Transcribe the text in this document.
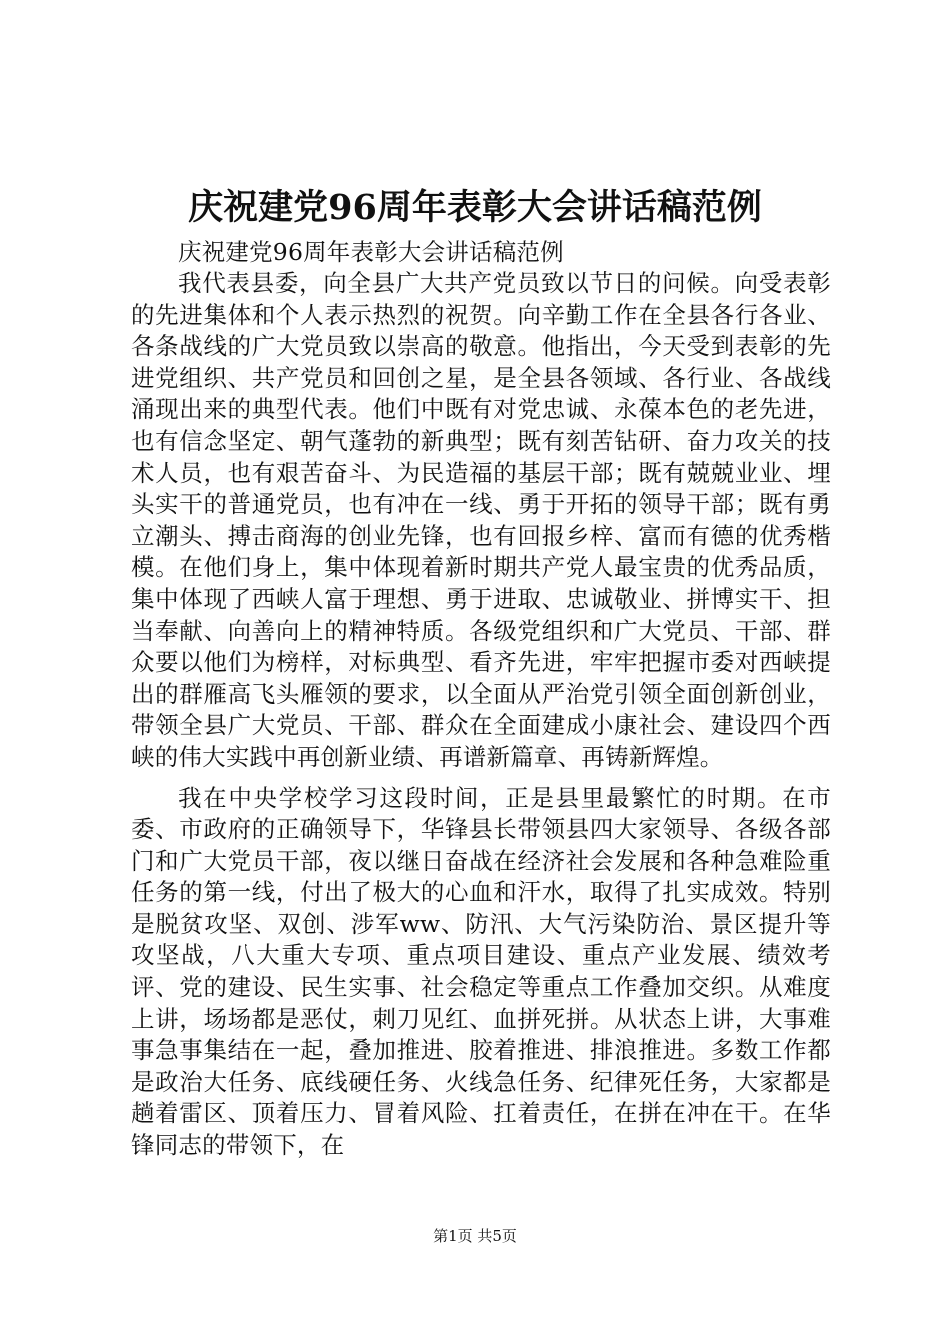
庆祝建党96周年表彰大会讲话稿范例

庆祝建党96周年表彰大会讲话稿范例

我代表县委，向全县广大共产党员致以节日的问候。向受表彰的先进集体和个人表示热烈的祝贺。向辛勤工作在全县各行各业、各条战线的广大党员致以崇高的敬意。他指出，今天受到表彰的先进党组织、共产党员和回创之星，是全县各领域、各行业、各战线涌现出来的典型代表。他们中既有对党忠诚、永葆本色的老先进，也有信念坚定、朝气蓬勃的新典型；既有刻苦钻研、奋力攻关的技术人员，也有艰苦奋斗、为民造福的基层干部；既有兢兢业业、埋头实干的普通党员，也有冲在一线、勇于开拓的领导干部；既有勇立潮头、搏击商海的创业先锋，也有回报乡梓、富而有德的优秀楷模。在他们身上，集中体现着新时期共产党人最宝贵的优秀品质，集中体现了西峡人富于理想、勇于进取、忠诚敬业、拼博实干、担当奉献、向善向上的精神特质。各级党组织和广大党员、干部、群众要以他们为榜样，对标典型、看齐先进，牢牢把握市委对西峡提出的群雁高飞头雁领的要求，以全面从严治党引领全面创新创业，带领全县广大党员、干部、群众在全面建成小康社会、建设四个西峡的伟大实践中再创新业绩、再谱新篇章、再铸新辉煌。

我在中央学校学习这段时间，正是县里最繁忙的时期。在市委、市政府的正确领导下，华锋县长带领县四大家领导、各级各部门和广大党员干部，夜以继日奋战在经济社会发展和各种急难险重任务的第一线，付出了极大的心血和汗水，取得了扎实成效。特别是脱贫攻坚、双创、涉军ww、防汛、大气污染防治、景区提升等攻坚战，八大重大专项、重点项目建设、重点产业发展、绩效考评、党的建设、民生实事、社会稳定等重点工作叠加交织。从难度上讲，场场都是恶仗，刺刀见红、血拼死拼。从状态上讲，大事难事急事集结在一起，叠加推进、胶着推进、排浪推进。多数工作都是政治大任务、底线硬任务、火线急任务、纪律死任务，大家都是趟着雷区、顶着压力、冒着风险、扛着责任，在拼在冲在干。在华锋同志的带领下，在

第1页 共5页
